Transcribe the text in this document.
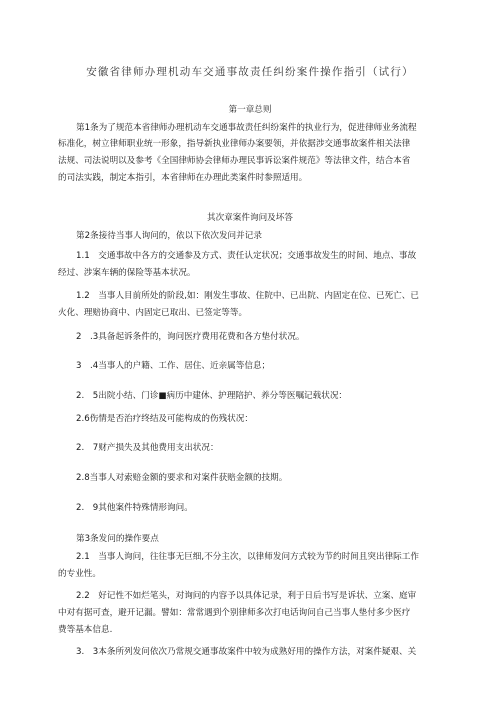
安徽省律师办理机动车交通事故责任纠纷案件操作指引（试行）
第一章总则
第1条为了规范本省律师办理机动车交通事故责任纠纷案件的执业行为，促进律师业务流程
标准化，树立律师职业统一形象，指导新执业律师办案要领，并依据涉交通事故案件相关法律
法规、司法说明以及参考《全国律师协会律师办理民事诉讼案件规范》等法律文件，结合本省
的司法实践，制定本指引，本省律师在办理此类案件时参照适用。
其次章案件询问及坏答
第2条接待当事人询问的，依以下依次发问并记录
1.1　交通事故中各方的交通参及方式、责任认定状况；交通事故发生的时间、地点、事故
经过、涉案车辆的保险等基本状况。
1.2　当事人目前所处的阶段,如：刚发生事故、住院中、已出院、内固定在位、已死亡、已
火化、理赔协商中、内固定已取出、已签定等等。
2　.3具备起诉条件的，询问医疗费用花费和各方垫付状况。
3　.4当事人的户籍、工作、居住、近亲属等信息；
2.　5出院小结、门诊■病历中建休、护理陪护、养分等医嘱记载状况：
2.6伤情是否治疗终结及可能构成的伤残状况：
2.　7财产损失及其他费用支出状况：
2.8当事人对索赔金额的要求和对案件获赔金额的技期。
2.　9其他案件特殊情形询问。
第3条发问的操作要点
2.1　当事人询问，往往事无巨细,不分主次，以律师发问方式较为节约时间且突出律际工作
的专业性。
2.2　好记性不如烂笔头，对询问的内容予以具体记录，利于日后书写是诉状、立案、庭审
中对有据可查，避开记漏。譬如：常常遇到个别律师多次打电话询问自己当事人垫付多少医疗
费等基本信息.
3.　3本条所列发问依次乃常规交通事故案件中较为成熟好用的操作方法，对案件疑艰、关
